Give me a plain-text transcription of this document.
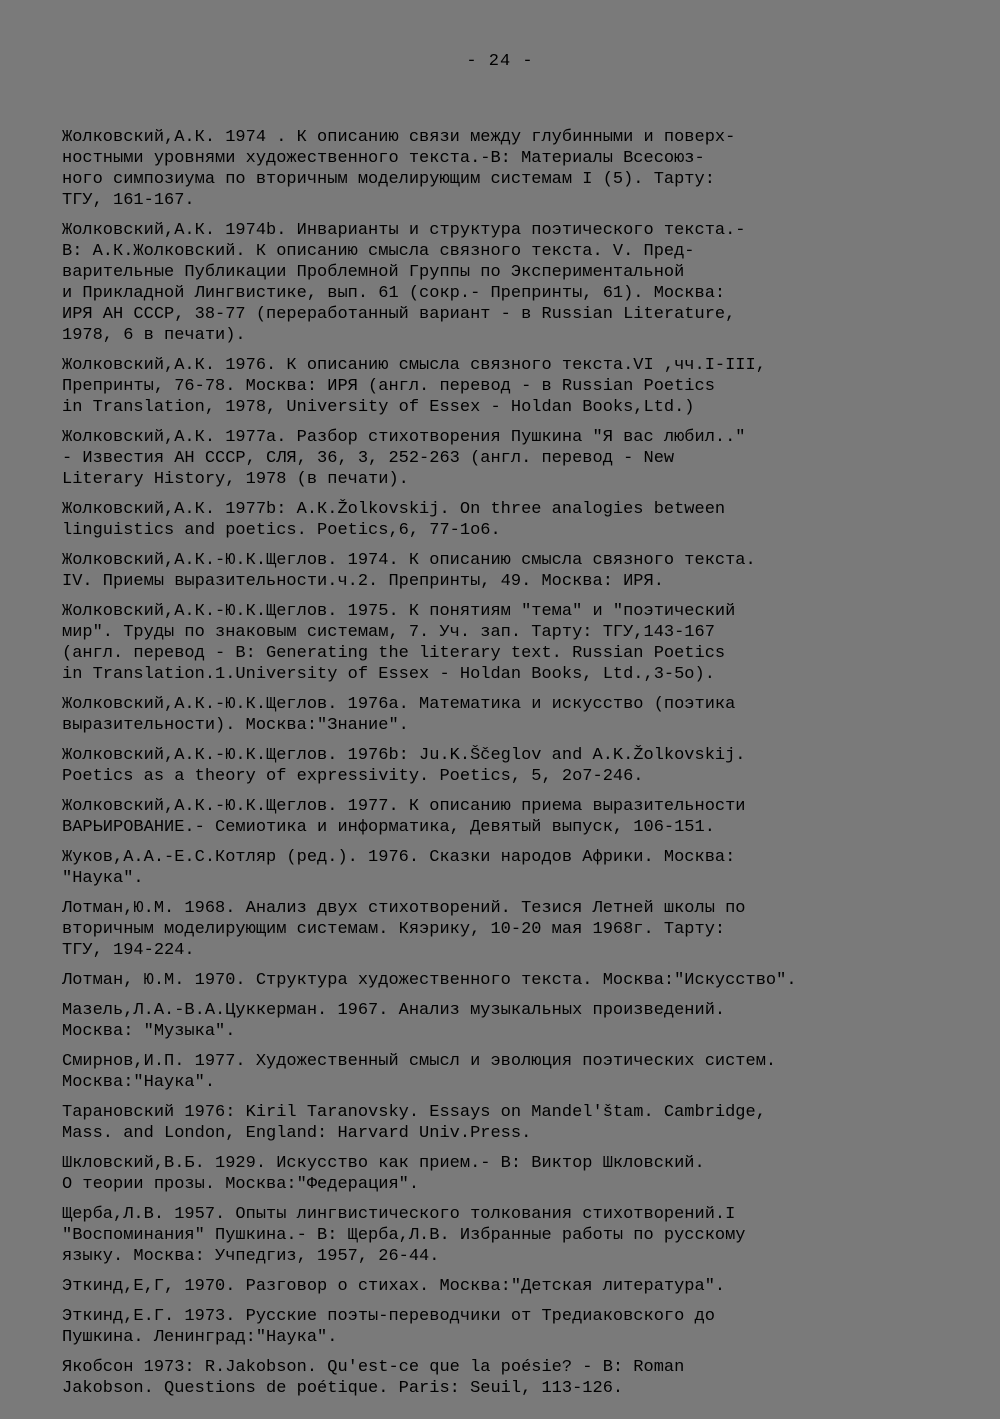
- 24 -
Жолковский,А.К. 1974 . К описанию связи между глубинными и поверх-
ностными уровнями художественного текста.-В: Материалы Всесоюз-
ного симпозиума по вторичным моделирующим системам I (5). Тарту:
ТГУ, 161-167.
Жолковский,А.К. 1974b. Инварианты и структура поэтического текста.-
В: А.К.Жолковский. К описанию смысла связного текста. V. Пред-
варительные Публикации Проблемной Группы по Экспериментальной
и Прикладной Лингвистике, вып. 61 (сокр.- Препринты, 61). Москва:
ИРЯ АН СССР, 38-77 (переработанный вариант - в Russian Literature,
1978, 6 в печати).
Жолковский,А.К. 1976. К описанию смысла связного текста.VI ,чч.I-III,
Препринты, 76-78. Москва: ИРЯ (англ. перевод - в Russian Poetics
in Translation, 1978, University of Essex - Holdan Books,Ltd.)
Жолковский,А.К. 1977a. Разбор стихотворения Пушкина "Я вас любил.."
- Известия АН СССР, СЛЯ, 36, 3, 252-263 (англ. перевод - New
Literary History, 1978 (в печати).
Жолковский,А.К. 1977b: А.К.Žolkovskij. On three analogies between
linguistics and poetics. Poetics,6, 77-1o6.
Жолковский,А.К.-Ю.К.Щеглов. 1974. К описанию смысла связного текста.
IV. Приемы выразительности.ч.2. Препринты, 49. Москва: ИРЯ.
Жолковский,А.К.-Ю.К.Щеглов. 1975. К понятиям "тема" и "поэтический
мир". Труды по знаковым системам, 7. Уч. зап. Тарту: ТГУ,143-167
(англ. перевод - В: Generating the literary text. Russian Poetics
in Translation.1.University of Essex - Holdan Books, Ltd.,3-5o).
Жолковский,А.К.-Ю.К.Щеглов. 1976a. Математика и искусство (поэтика
выразительности). Москва:"Знание".
Жолковский,А.К.-Ю.К.Щеглов. 1976b: Ju.K.Ščeglov and A.K.Žolkovskij.
Poetics as a theory of expressivity. Poetics, 5, 2o7-246.
Жолковский,А.К.-Ю.К.Щеглов. 1977. К описанию приема выразительности
ВАРЬИРОВАНИЕ.- Семиотика и информатика, Девятый выпуск, 106-151.
Жуков,А.А.-Е.С.Котляр (ред.). 1976. Сказки народов Африки. Москва:
"Наука".
Лотман,Ю.М. 1968. Анализ двух стихотворений. Тезися Летней школы по
вторичным моделирующим системам. Кяэрику, 10-20 мая 1968г. Тарту:
ТГУ, 194-224.
Лотман, Ю.М. 1970. Структура художественного текста. Москва:"Искусство".
Мазель,Л.А.-В.А.Цуккерман. 1967. Анализ музыкальных произведений.
Москва: "Музыка".
Смирнов,И.П. 1977. Художественный смысл и эволюция поэтических систем.
Москва:"Наука".
Тарановский 1976: Kiril Taranovsky. Essays on Mandel'štam. Cambridge,
Mass. and London, England: Harvard Univ.Press.
Шкловский,В.Б. 1929. Искусство как прием.- В: Виктор Шкловский.
О теории прозы. Москва:"Федерация".
Щерба,Л.В. 1957. Опыты лингвистического толкования стихотворений.I
"Воспоминания" Пушкина.- В: Щерба,Л.В. Избранные работы по русскому
языку. Москва: Учпедгиз, 1957, 26-44.
Эткинд,Е,Г, 1970. Разговор о стихах. Москва:"Детская литература".
Эткинд,Е.Г. 1973. Русские поэты-переводчики от Тредиаковского до
Пушкина. Ленинград:"Наука".
Якобсон 1973: R.Jakobson. Qu'est-ce que la poésie? - В: Roman
Jakobson. Questions de poétique. Paris: Seuil, 113-126.
